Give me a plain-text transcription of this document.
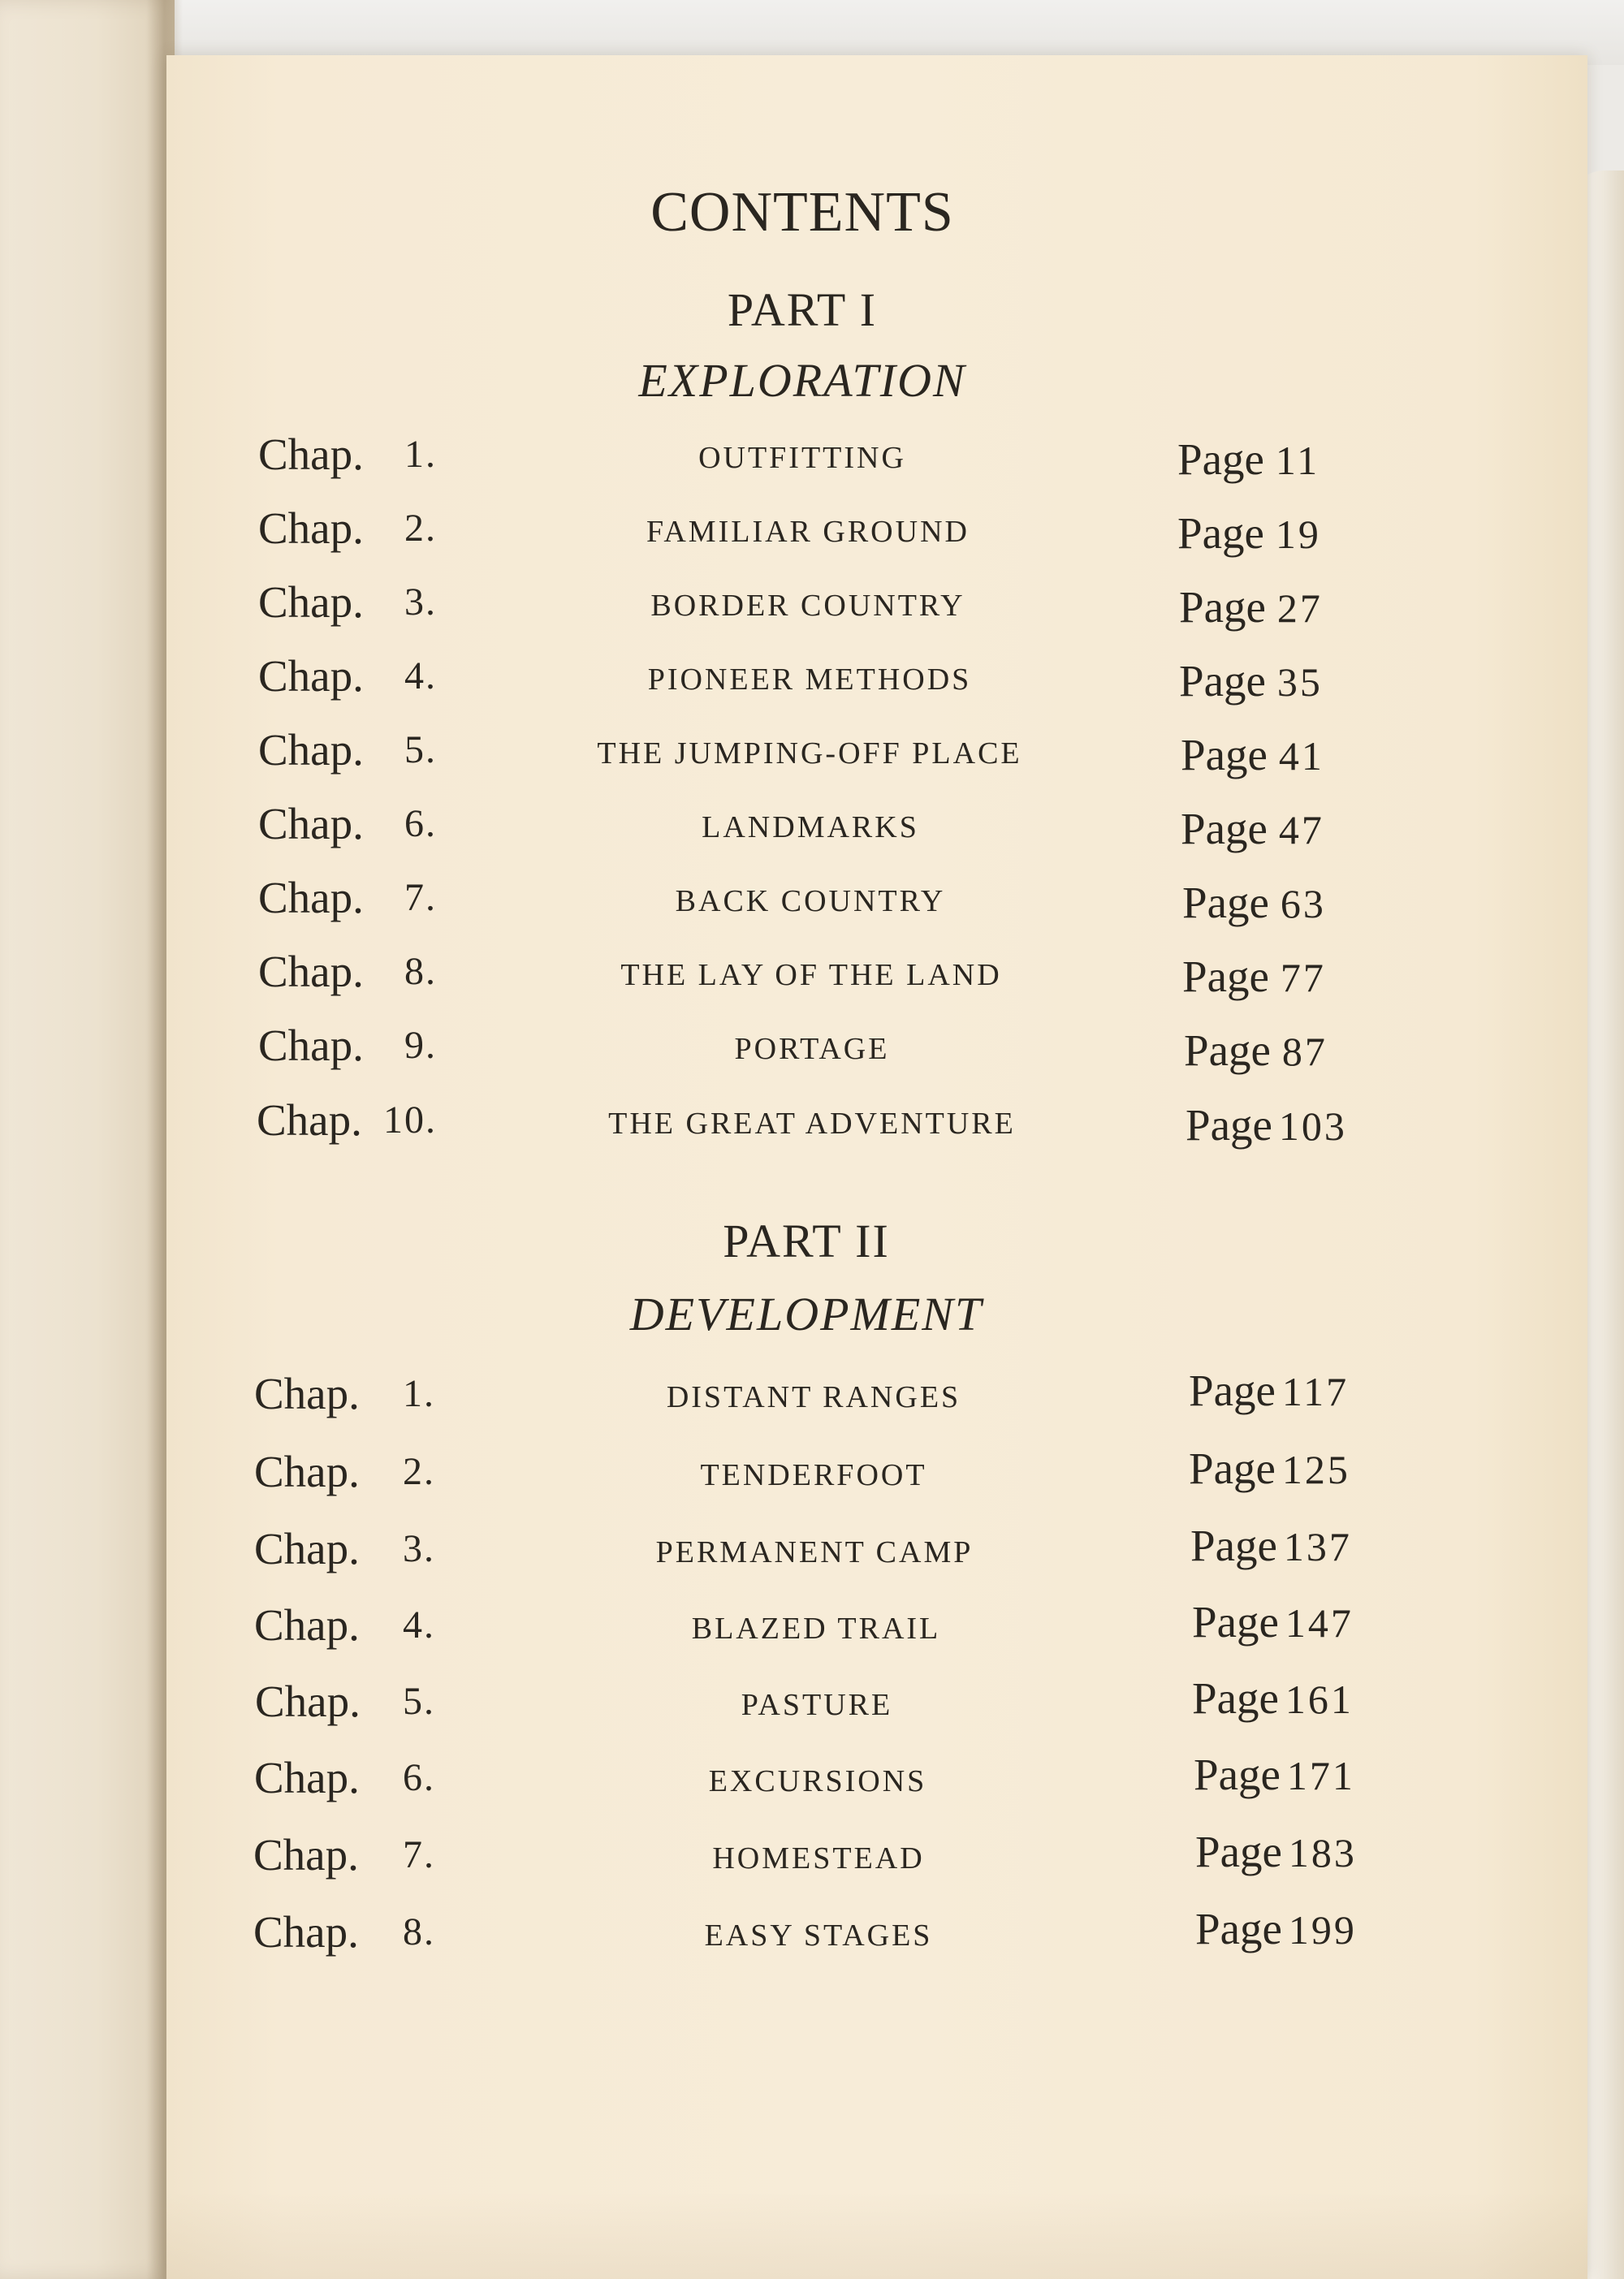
CONTENTS
PART I
EXPLORATION
Chap. 1.	OUTFITTING	Page 11
Chap. 2.	FAMILIAR GROUND	Page 19
Chap. 3.	BORDER COUNTRY	Page 27
Chap. 4.	PIONEER METHODS	Page 35
Chap. 5.	THE JUMPING-OFF PLACE	Page 41
Chap. 6.	LANDMARKS	Page 47
Chap. 7.	BACK COUNTRY	Page 63
Chap. 8.	THE LAY OF THE LAND	Page 77
Chap. 9.	PORTAGE	Page 87
Chap. 10.	THE GREAT ADVENTURE	Page 103
PART II
DEVELOPMENT
Chap. 1.	DISTANT RANGES	Page 117
Chap. 2.	TENDERFOOT	Page 125
Chap. 3.	PERMANENT CAMP	Page 137
Chap. 4.	BLAZED TRAIL	Page 147
Chap. 5.	PASTURE	Page 161
Chap. 6.	EXCURSIONS	Page 171
Chap. 7.	HOMESTEAD	Page 183
Chap. 8.	EASY STAGES	Page 199
